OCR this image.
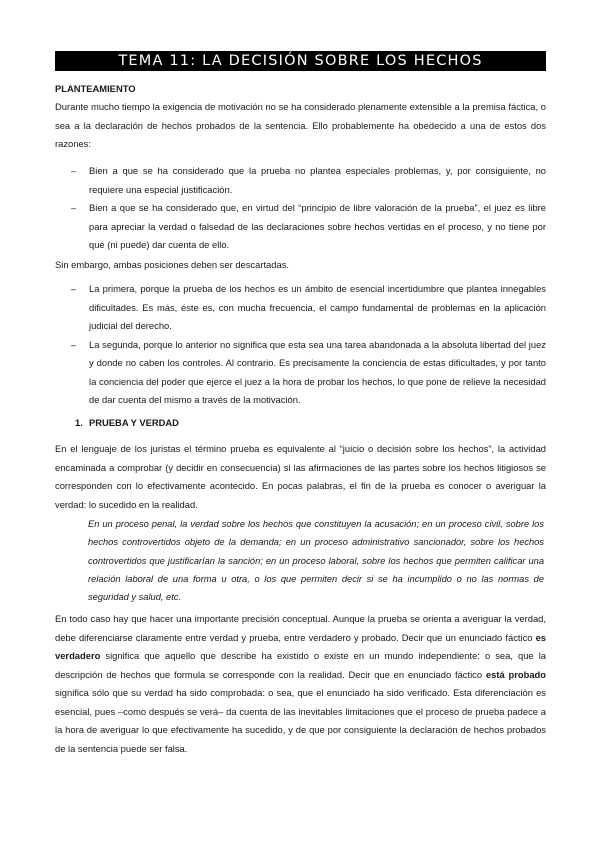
TEMA 11: LA DECISIÓN SOBRE LOS HECHOS
PLANTEAMIENTO
Durante mucho tiempo la exigencia de motivación no se ha considerado plenamente extensible a la premisa fáctica, o sea a la declaración de hechos probados de la sentencia. Ello probablemente ha obedecido a una de estos dos razones:
– Bien a que se ha considerado que la prueba no plantea especiales problemas, y, por consiguiente, no requiere una especial justificación.
– Bien a que se ha considerado que, en virtud del “principio de libre valoración de la prueba”, el juez es libre para apreciar la verdad o falsedad de las declaraciones sobre hechos vertidas en el proceso, y no tiene por qué (ni puede) dar cuenta de ello.
Sin embargo, ambas posiciones deben ser descartadas.
– La primera, porque la prueba de los hechos es un ámbito de esencial incertidumbre que plantea innegables dificultades. Es más, éste es, con mucha frecuencia, el campo fundamental de problemas en la aplicación judicial del derecho.
– La segunda, porque lo anterior no significa que esta sea una tarea abandonada a la absoluta libertad del juez y donde no caben los controles. Al contrario. Es precisamente la conciencia de estas dificultades, y por tanto la conciencia del poder que ejerce el juez a la hora de probar los hechos, lo que pone de relieve la necesidad de dar cuenta del mismo a través de la motivación.
1. PRUEBA Y VERDAD
En el lenguaje de los juristas el término prueba es equivalente al “juicio o decisión sobre los hechos”, la actividad encaminada a comprobar (y decidir en consecuencia) si las afirmaciones de las partes sobre los hechos litigiosos se corresponden con lo efectivamente acontecido. En pocas palabras, el fin de la prueba es conocer o averiguar la verdad: lo sucedido en la realidad.
En un proceso penal, la verdad sobre los hechos que constituyen la acusación; en un proceso civil, sobre los hechos controvertidos objeto de la demanda; en un proceso administrativo sancionador, sobre los hechos controvertidos que justificarían la sanción; en un proceso laboral, sobre los hechos que permiten calificar una relación laboral de una forma u otra, o los que permiten decir si se ha incumplido o no las normas de seguridad y salud, etc.
En todo caso hay que hacer una importante precisión conceptual. Aunque la prueba se orienta a averiguar la verdad, debe diferenciarse claramente entre verdad y prueba, entre verdadero y probado. Decir que un enunciado fáctico es verdadero significa que aquello que describe ha existido o existe en un mundo independiente: o sea, que la descripción de hechos que formula se corresponde con la realidad. Decir que en enunciado fáctico está probado significa sólo que su verdad ha sido comprobada: o sea, que el enunciado ha sido verificado. Esta diferenciación es esencial, pues –como después se verá– da cuenta de las inevitables limitaciones que el proceso de prueba padece a la hora de averiguar lo que efectivamente ha sucedido, y de que por consiguiente la declaración de hechos probados de la sentencia puede ser falsa.
